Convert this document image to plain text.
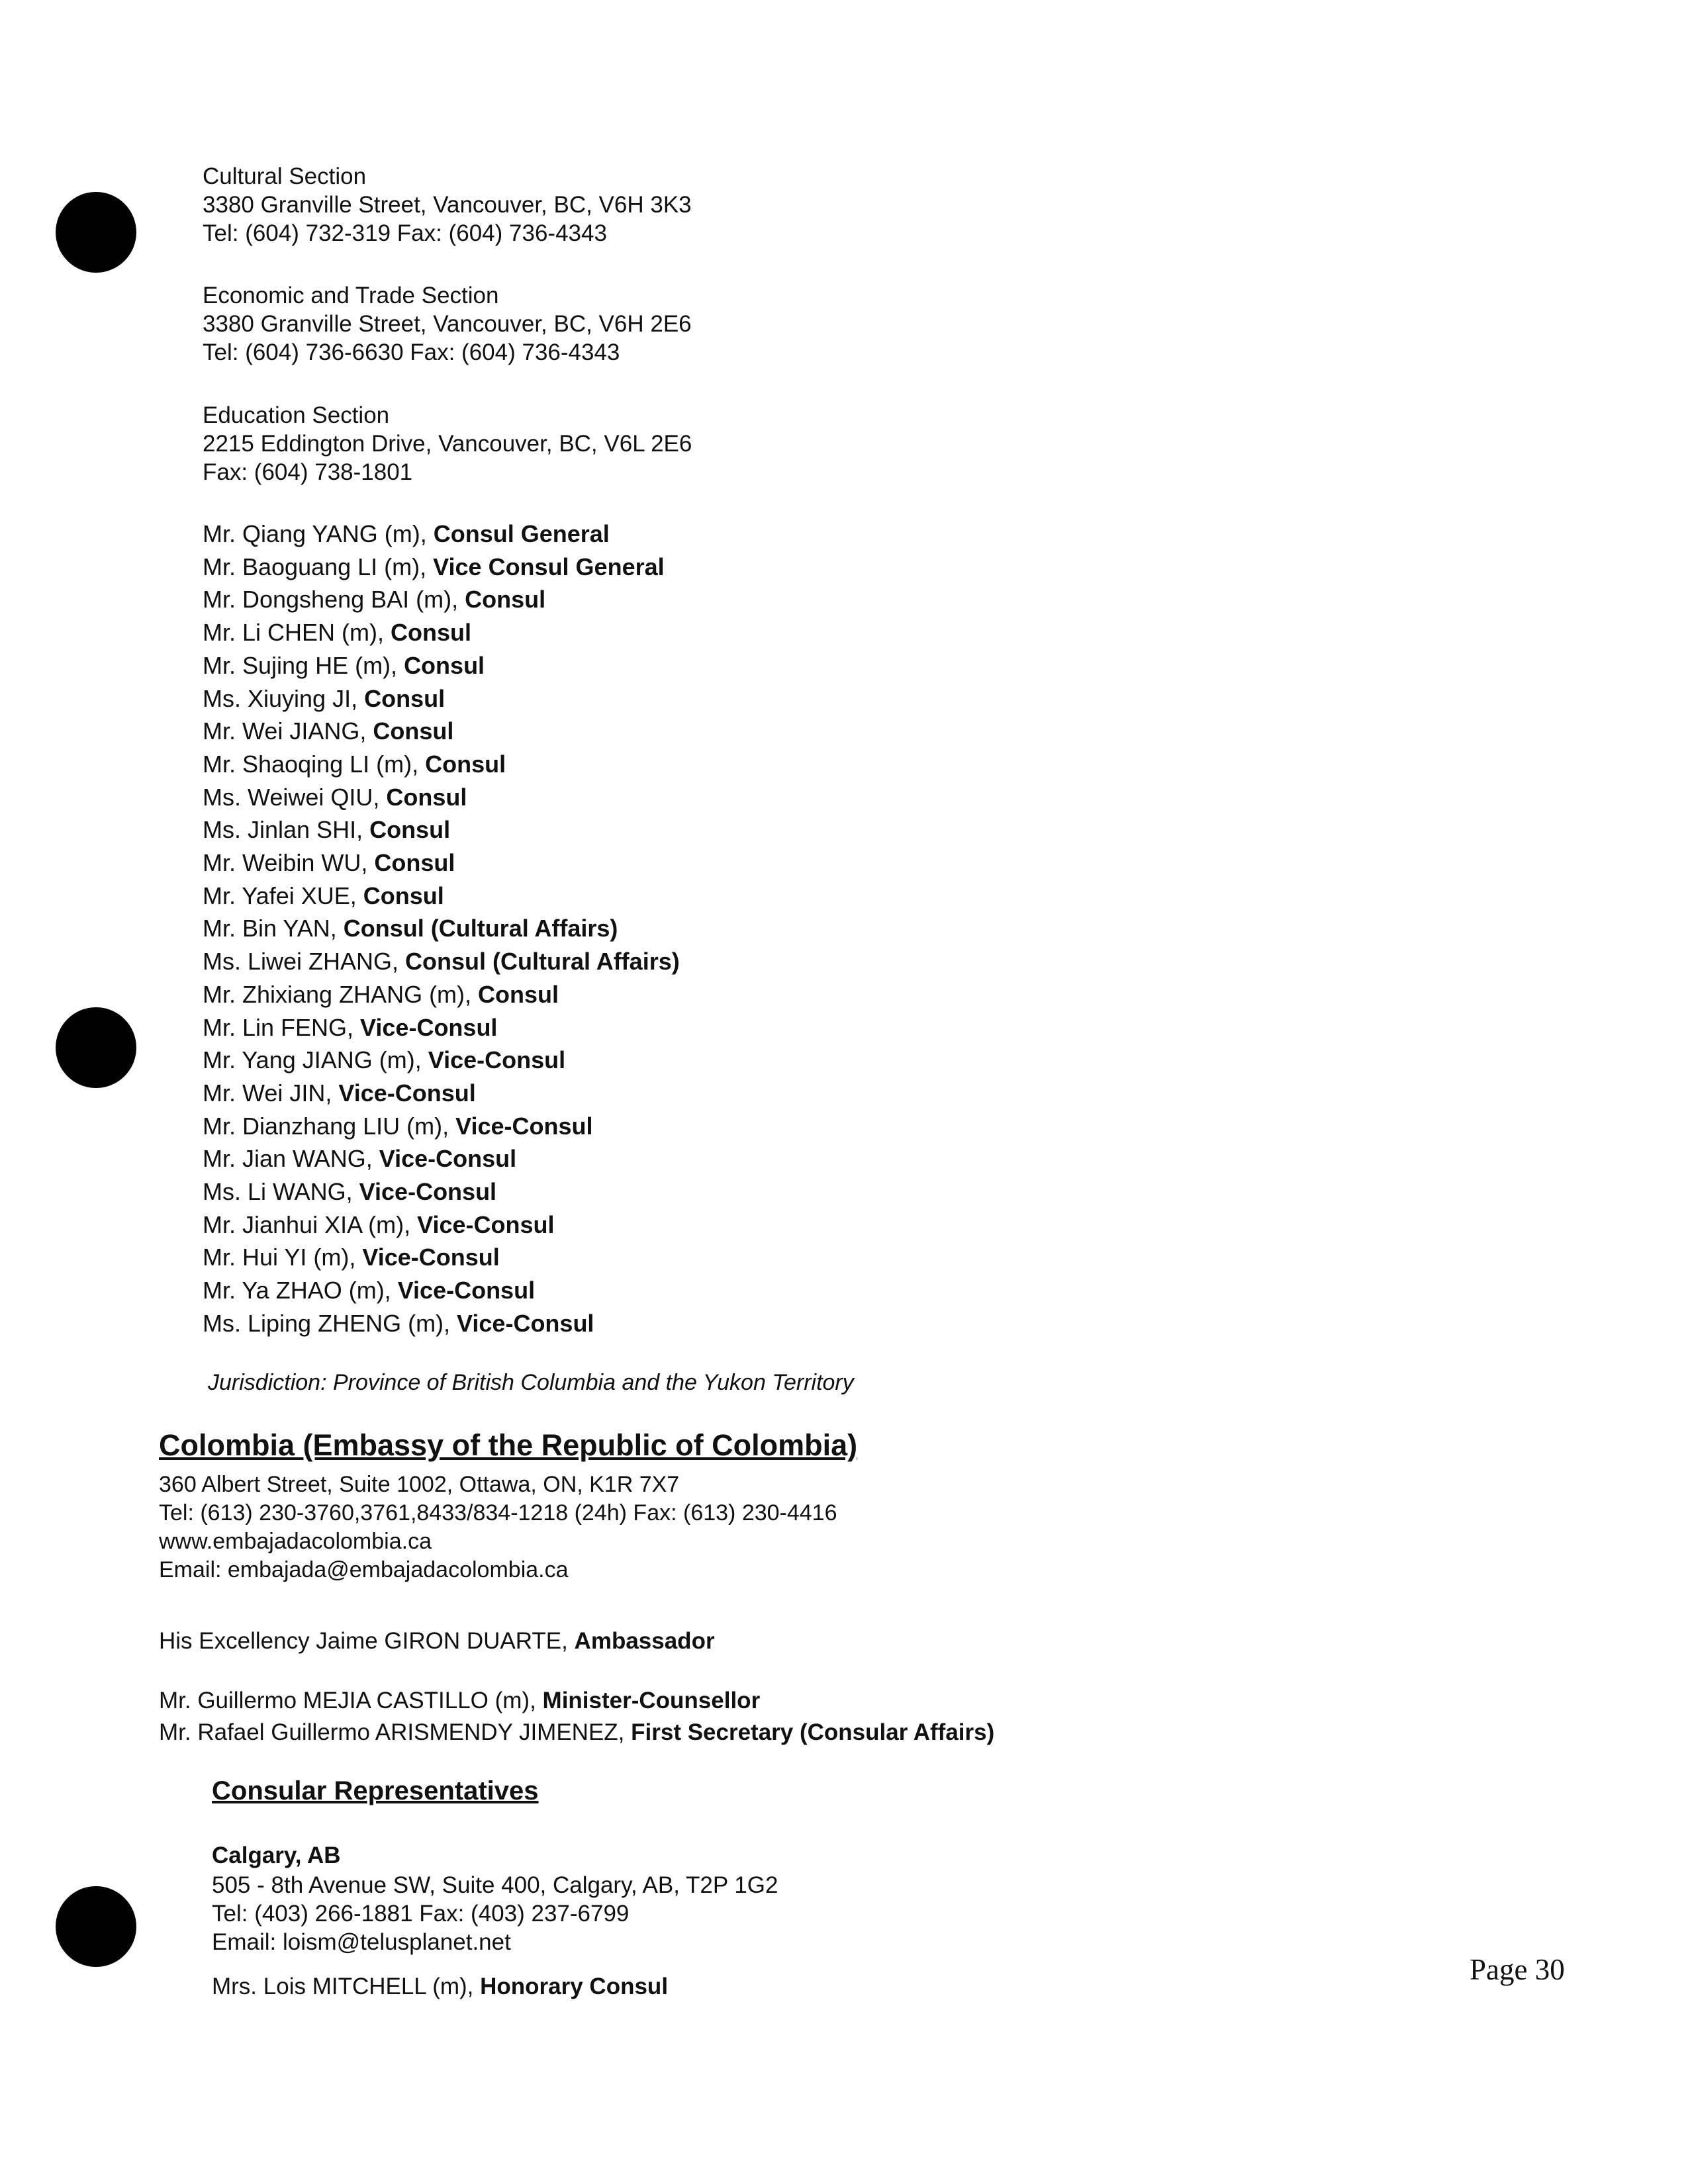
Cultural Section

3380 Granville Street, Vancouver, BC, V6H 3K3

Tel: (604) 732-319 Fax: (604) 736-4343

Economic and Trade Section

3380 Granville Street, Vancouver, BC, V6H 2E6

Tel: (604) 736-6630 Fax: (604) 736-4343

Education Section

2215 Eddington Drive, Vancouver, BC, V6L 2E6

Fax: (604) 738-1801

Mr. Qiang YANG (m), Consul General

Mr. Baoguang LI (m), Vice Consul General

Mr. Dongsheng BAI (m), Consul

Mr. Li CHEN (m), Consul

Mr. Sujing HE (m), Consul

Ms. Xiuying JI, Consul

Mr. Wei JIANG, Consul

Mr. Shaoqing LI (m), Consul

Ms. Weiwei QIU, Consul

Ms. Jinlan SHI, Consul

Mr. Weibin WU, Consul

Mr. Yafei XUE, Consul

Mr. Bin YAN, Consul (Cultural Affairs)

Ms. Liwei ZHANG, Consul (Cultural Affairs)

Mr. Zhixiang ZHANG (m), Consul

Mr. Lin FENG, Vice-Consul

Mr. Yang JIANG (m), Vice-Consul

Mr. Wei JIN, Vice-Consul

Mr. Dianzhang LIU (m), Vice-Consul

Mr. Jian WANG, Vice-Consul

Ms. Li WANG, Vice-Consul

Mr. Jianhui XIA (m), Vice-Consul

Mr. Hui YI (m), Vice-Consul

Mr. Ya ZHAO (m), Vice-Consul

Ms. Liping ZHENG (m), Vice-Consul

Jurisdiction: Province of British Columbia and the Yukon Territory
Colombia (Embassy of the Republic of Colombia)

360 Albert Street, Suite 1002, Ottawa, ON, K1R 7X7

Tel: (613) 230-3760,3761,8433/834-1218 (24h) Fax: (613) 230-4416

www.embajadacolombia.ca

Email: embajada@embajadacolombia.ca

His Excellency Jaime GIRON DUARTE, Ambassador
Mr. Guillermo MEJIA CASTILLO (m), Minister-Counsellor
Mr. Rafael Guillermo ARISMENDY JIMENEZ, First Secretary (Consular Affairs)
Consular Representatives

Calgary, AB

505 - 8th Avenue SW, Suite 400, Calgary, AB, T2P 1G2

Tel: (403) 266-1881 Fax: (403) 237-6799

Email: loism@telusplanet.net

Mrs. Lois MITCHELL (m), Honorary Consul
Page 30
